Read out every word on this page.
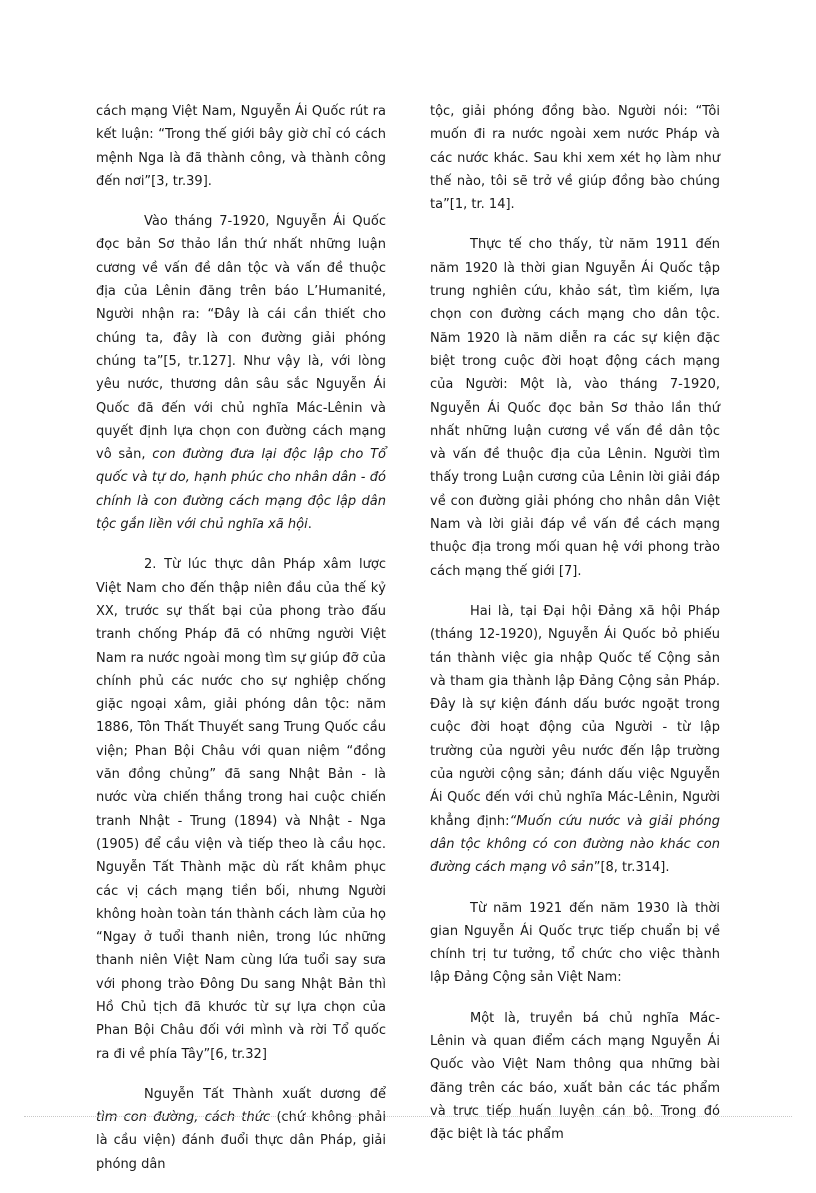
cách mạng Việt Nam, Nguyễn Ái Quốc rút ra kết luận: “Trong thế giới bây giờ chỉ có cách mệnh Nga là đã thành công, và thành công đến nơi”[3, tr.39].

Vào tháng 7-1920, Nguyễn Ái Quốc đọc bản Sơ thảo lần thứ nhất những luận cương về vấn đề dân tộc và vấn đề thuộc địa của Lênin đăng trên báo L’Humanité, Người nhận ra: “Đây là cái cần thiết cho chúng ta, đây là con đường giải phóng chúng ta”[5, tr.127]. Như vậy là, với lòng yêu nước, thương dân sâu sắc Nguyễn Ái Quốc đã đến với chủ nghĩa Mác-Lênin và quyết định lựa chọn con đường cách mạng vô sản, con đường đưa lại độc lập cho Tổ quốc và tự do, hạnh phúc cho nhân dân - đó chính là con đường cách mạng độc lập dân tộc gắn liền với chủ nghĩa xã hội.

2. Từ lúc thực dân Pháp xâm lược Việt Nam cho đến thập niên đầu của thế kỷ XX, trước sự thất bại của phong trào đấu tranh chống Pháp đã có những người Việt Nam ra nước ngoài mong tìm sự giúp đỡ của chính phủ các nước cho sự nghiệp chống giặc ngoại xâm, giải phóng dân tộc: năm 1886, Tôn Thất Thuyết sang Trung Quốc cầu viện; Phan Bội Châu với quan niệm “đồng văn đồng chủng” đã sang Nhật Bản - là nước vừa chiến thắng trong hai cuộc chiến tranh Nhật - Trung (1894) và Nhật - Nga (1905) để cầu viện và tiếp theo là cầu học. Nguyễn Tất Thành mặc dù rất khâm phục các vị cách mạng tiền bối, nhưng Người không hoàn toàn tán thành cách làm của họ “Ngay ở tuổi thanh niên, trong lúc những thanh niên Việt Nam cùng lứa tuổi say sưa với phong trào Đông Du sang Nhật Bản thì Hồ Chủ tịch đã khước từ sự lựa chọn của Phan Bội Châu đối với mình và rời Tổ quốc ra đi về phía Tây”[6, tr.32]

Nguyễn Tất Thành xuất dương để tìm con đường, cách thức (chứ không phải là cầu viện) đánh đuổi thực dân Pháp, giải phóng dân

tộc, giải phóng đồng bào. Người nói: “Tôi muốn đi ra nước ngoài xem nước Pháp và các nước khác. Sau khi xem xét họ làm như thế nào, tôi sẽ trở về giúp đồng bào chúng ta”[1, tr. 14].

Thực tế cho thấy, từ năm 1911 đến năm 1920 là thời gian Nguyễn Ái Quốc tập trung nghiên cứu, khảo sát, tìm kiếm, lựa chọn con đường cách mạng cho dân tộc. Năm 1920 là năm diễn ra các sự kiện đặc biệt trong cuộc đời hoạt động cách mạng của Người: Một là, vào tháng 7-1920, Nguyễn Ái Quốc đọc bản Sơ thảo lần thứ nhất những luận cương về vấn đề dân tộc và vấn đề thuộc địa của Lênin. Người tìm thấy trong Luận cương của Lênin lời giải đáp về con đường giải phóng cho nhân dân Việt Nam và lời giải đáp về vấn đề cách mạng thuộc địa trong mối quan hệ với phong trào cách mạng thế giới [7].

Hai là, tại Đại hội Đảng xã hội Pháp (tháng 12-1920), Nguyễn Ái Quốc bỏ phiếu tán thành việc gia nhập Quốc tế Cộng sản và tham gia thành lập Đảng Cộng sản Pháp. Đây là sự kiện đánh dấu bước ngoặt trong cuộc đời hoạt động của Người - từ lập trường của người yêu nước đến lập trường của người cộng sản; đánh dấu việc Nguyễn Ái Quốc đến với chủ nghĩa Mác-Lênin, Người khẳng định:“Muốn cứu nước và giải phóng dân tộc không có con đường nào khác con đường cách mạng vô sản”[8, tr.314].

Từ năm 1921 đến năm 1930 là thời gian Nguyễn Ái Quốc trực tiếp chuẩn bị về chính trị tư tưởng, tổ chức cho việc thành lập Đảng Cộng sản Việt Nam:

Một là, truyền bá chủ nghĩa Mác- Lênin và quan điểm cách mạng Nguyễn Ái Quốc vào Việt Nam thông qua những bài đăng trên các báo, xuất bản các tác phẩm và trực tiếp huấn luyện cán bộ. Trong đó đặc biệt là tác phẩm
